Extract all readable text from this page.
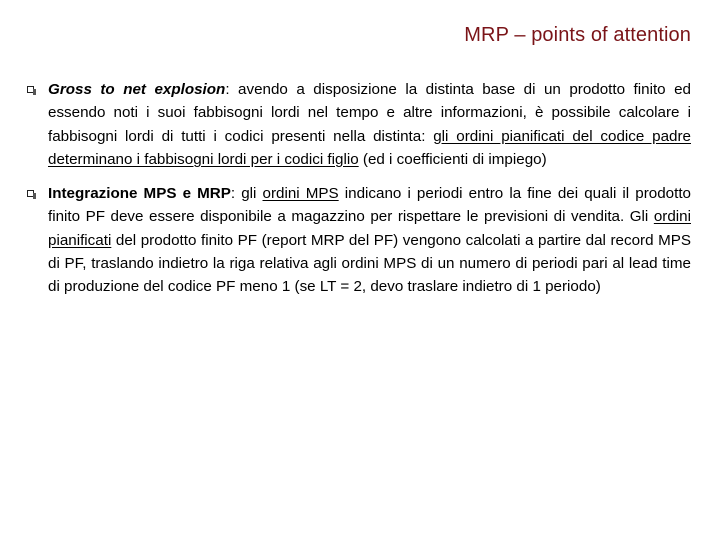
MRP – points of attention
Gross to net explosion: avendo a disposizione la distinta base di un prodotto finito ed essendo noti i suoi fabbisogni lordi nel tempo e altre informazioni, è possibile calcolare i fabbisogni lordi di tutti i codici presenti nella distinta: gli ordini pianificati del codice padre determinano i fabbisogni lordi per i codici figlio (ed i coefficienti di impiego)
Integrazione MPS e MRP: gli ordini MPS indicano i periodi entro la fine dei quali il prodotto finito PF deve essere disponibile a magazzino per rispettare le previsioni di vendita. Gli ordini pianificati del prodotto finito PF (report MRP del PF) vengono calcolati a partire dal record MPS di PF, traslando indietro la riga relativa agli ordini MPS di un numero di periodi pari al lead time di produzione del codice PF meno 1 (se LT = 2, devo traslare indietro di 1 periodo)
